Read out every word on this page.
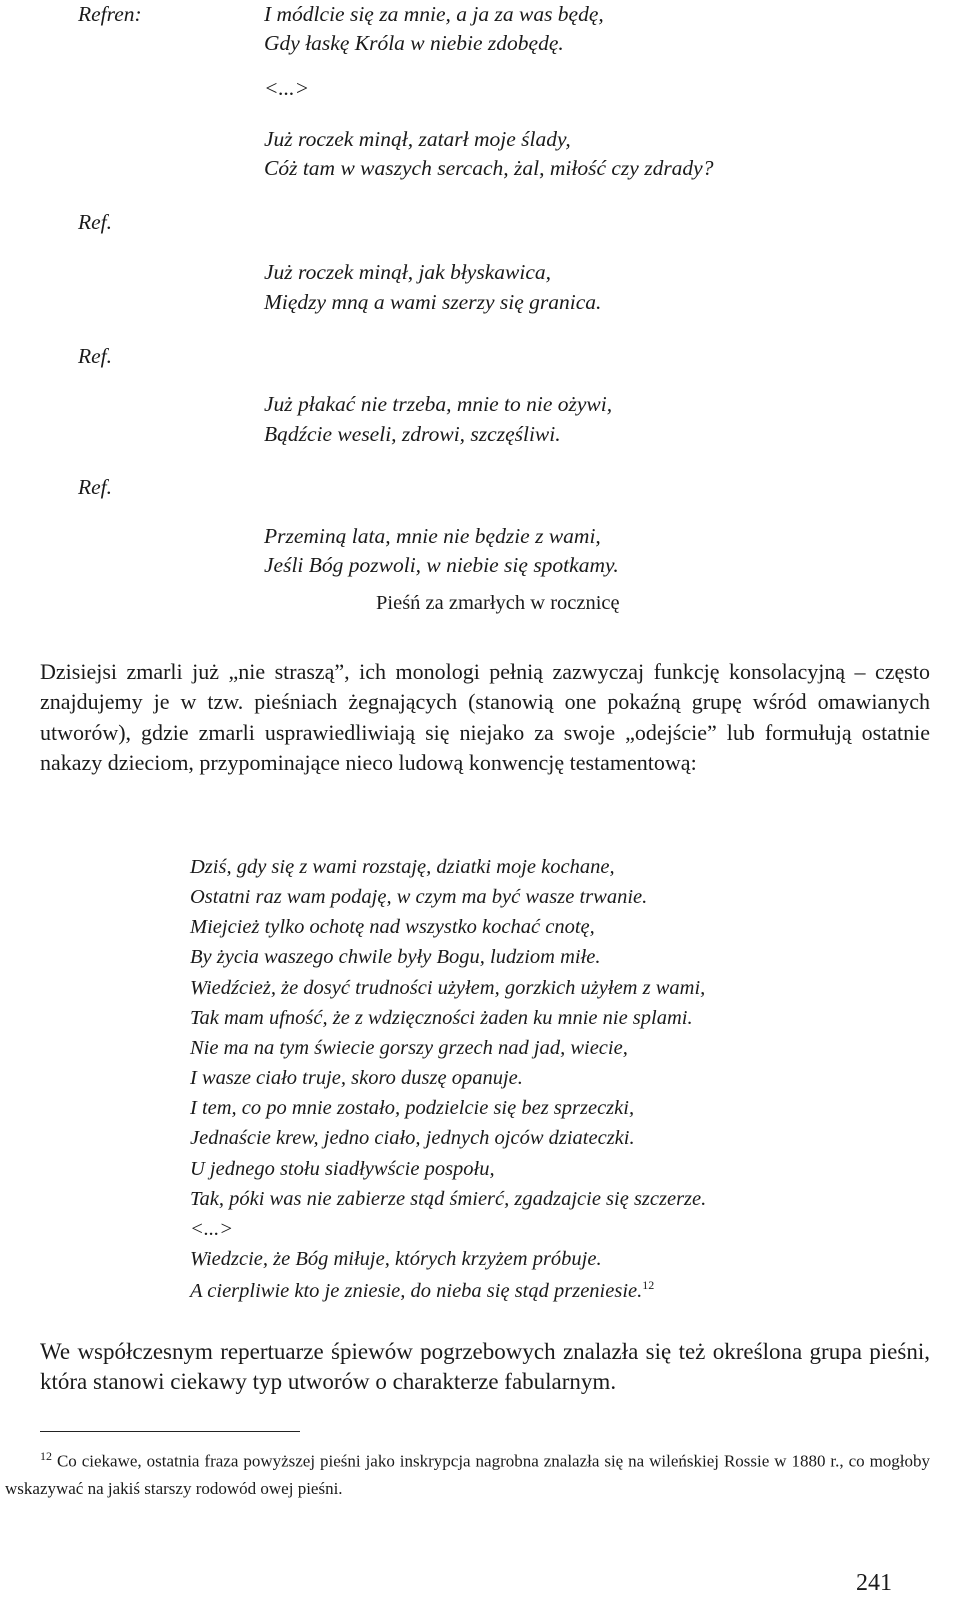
Refren:	I módlcie się za mnie, a ja za was będę,
Gdy łaskę Króla w niebie zdobędę.
<...>
Już roczek minął, zatarł moje ślady,
Cóż tam w waszych sercach, żal, miłość czy zdrady?
Ref.
Już roczek minął, jak błyskawica,
Między mną a wami szerzy się granica.
Ref.
Już płakać nie trzeba, mnie to nie ożywi,
Bądźcie weseli, zdrowi, szczęśliwi.
Ref.
Przeminą lata, mnie nie będzie z wami,
Jeśli Bóg pozwoli, w niebie się spotkamy.
Pieśń za zmarłych w rocznicę

Dzisiejsi zmarli już „nie straszą”, ich monologi pełnią zazwyczaj funkcję konsolacyjną – często znajdujemy je w tzw. pieśniach żegnających (stanowią one pokaźną grupę wśród omawianych utworów), gdzie zmarli usprawiedliwiają się niejako za swoje „odejście” lub formułują ostatnie nakazy dzieciom, przypominające nieco ludową konwencję testamentową:

Dziś, gdy się z wami rozstaję, dziatki moje kochane,
Ostatni raz wam podaję, w czym ma być wasze trwanie.
Miejcież tylko ochotę nad wszystko kochać cnotę,
By życia waszego chwile były Bogu, ludziom miłe.
Wiedźcież, że dosyć trudności użyłem, gorzkich użyłem z wami,
Tak mam ufność, że z wdzięczności żaden ku mnie nie splami.
Nie ma na tym świecie gorszy grzech nad jad, wiecie,
I wasze ciało truje, skoro duszę opanuje.
I tem, co po mnie zostało, podzielcie się bez sprzeczki,
Jednaście krew, jedno ciało, jednych ojców dziateczki.
U jednego stołu siadływście pospołu,
Tak, póki was nie zabierze stąd śmierć, zgadzajcie się szczerze.
<...>
Wiedzcie, że Bóg miłuje, których krzyżem próbuje.
A cierpliwie kto je zniesie, do nieba się stąd przeniesie.$^{12}$

We współczesnym repertuarze śpiewów pogrzebowych znalazła się też określona grupa pieśni, która stanowi ciekawy typ utworów o charakterze fabularnym.

$^{12}$ Co ciekawe, ostatnia fraza powyższej pieśni jako inskrypcja nagrobna znalazła się na wileńskiej Rossie w 1880 r., co mogłoby wskazywać na jakiś starszy rodowód owej pieśni.
241
